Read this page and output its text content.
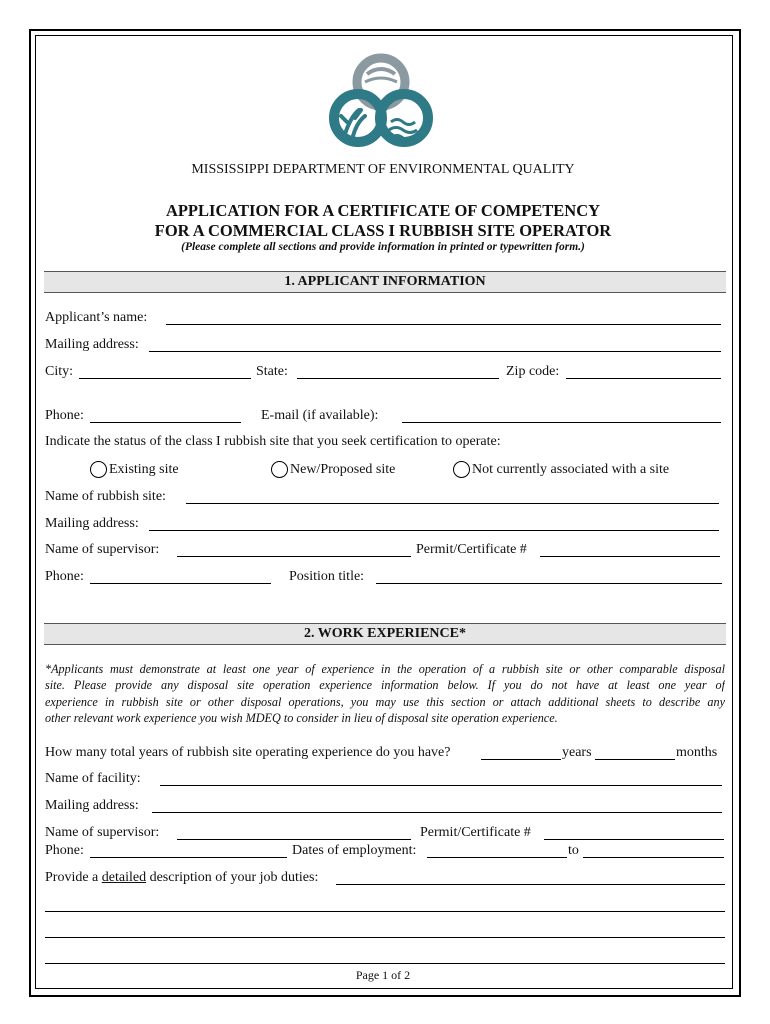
MISSISSIPPI DEPARTMENT OF ENVIRONMENTAL QUALITY
APPLICATION FOR A CERTIFICATE OF COMPETENCY
FOR A COMMERCIAL CLASS I RUBBISH SITE OPERATOR
(Please complete all sections and provide information in printed or typewritten form.)
1. APPLICANT INFORMATION
Applicant’s name:
Mailing address:
City:	State:	Zip code:
Phone:	E-mail (if available):
Indicate the status of the class I rubbish site that you seek certification to operate:
Existing site	New/Proposed site	Not currently associated with a site
Name of rubbish site:
Mailing address:
Name of supervisor:	Permit/Certificate #
Phone:	Position title:
2. WORK EXPERIENCE*
*Applicants must demonstrate at least one year of experience in the operation of a rubbish site or other comparable disposal
site. Please provide any disposal site operation experience information below. If you do not have at least one year of
experience in rubbish site or other disposal operations, you may use this section or attach additional sheets to describe any
other relevant work experience you wish MDEQ to consider in lieu of disposal site operation experience.
How many total years of rubbish site operating experience do you have?	years	months
Name of facility:
Mailing address:
Name of supervisor:	Permit/Certificate #
Phone:	Dates of employment:	to
Provide a detailed description of your job duties:
Page 1 of 2
